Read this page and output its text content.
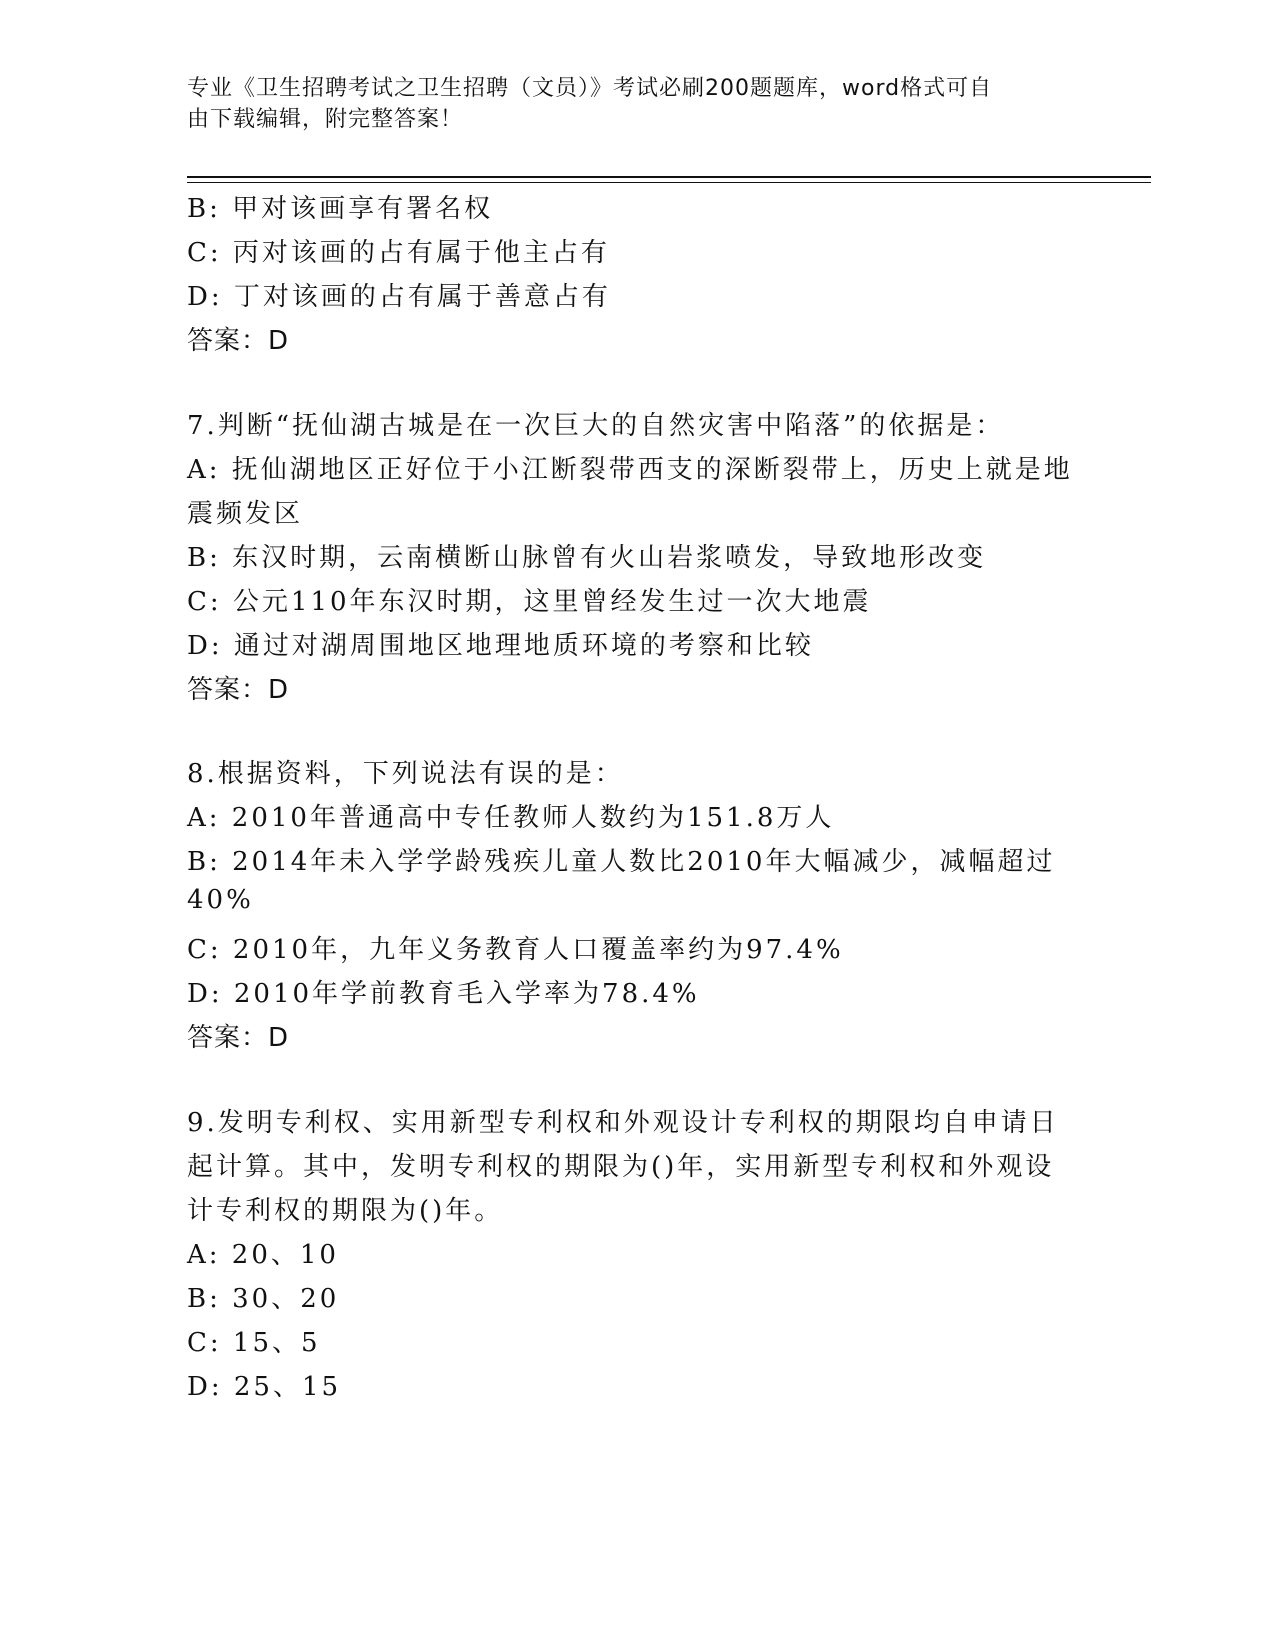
专业《卫生招聘考试之卫生招聘（文员）》考试必刷200题题库，word格式可自
由下载编辑，附完整答案！
B: 甲对该画享有署名权
C: 丙对该画的占有属于他主占有
D: 丁对该画的占有属于善意占有
答案：D
7.判断“抚仙湖古城是在一次巨大的自然灾害中陷落”的依据是：
A: 抚仙湖地区正好位于小江断裂带西支的深断裂带上，历史上就是地
震频发区
B: 东汉时期，云南横断山脉曾有火山岩浆喷发，导致地形改变
C: 公元110年东汉时期，这里曾经发生过一次大地震
D: 通过对湖周围地区地理地质环境的考察和比较
答案：D
8.根据资料，下列说法有误的是：
A: 2010年普通高中专任教师人数约为151.8万人
B: 2014年未入学学龄残疾儿童人数比2010年大幅减少，减幅超过
40%
C: 2010年，九年义务教育人口覆盖率约为97.4%
D: 2010年学前教育毛入学率为78.4%
答案：D
9.发明专利权、实用新型专利权和外观设计专利权的期限均自申请日
起计算。其中，发明专利权的期限为()年，实用新型专利权和外观设
计专利权的期限为()年。
A: 20、10
B: 30、20
C: 15、5
D: 25、15
